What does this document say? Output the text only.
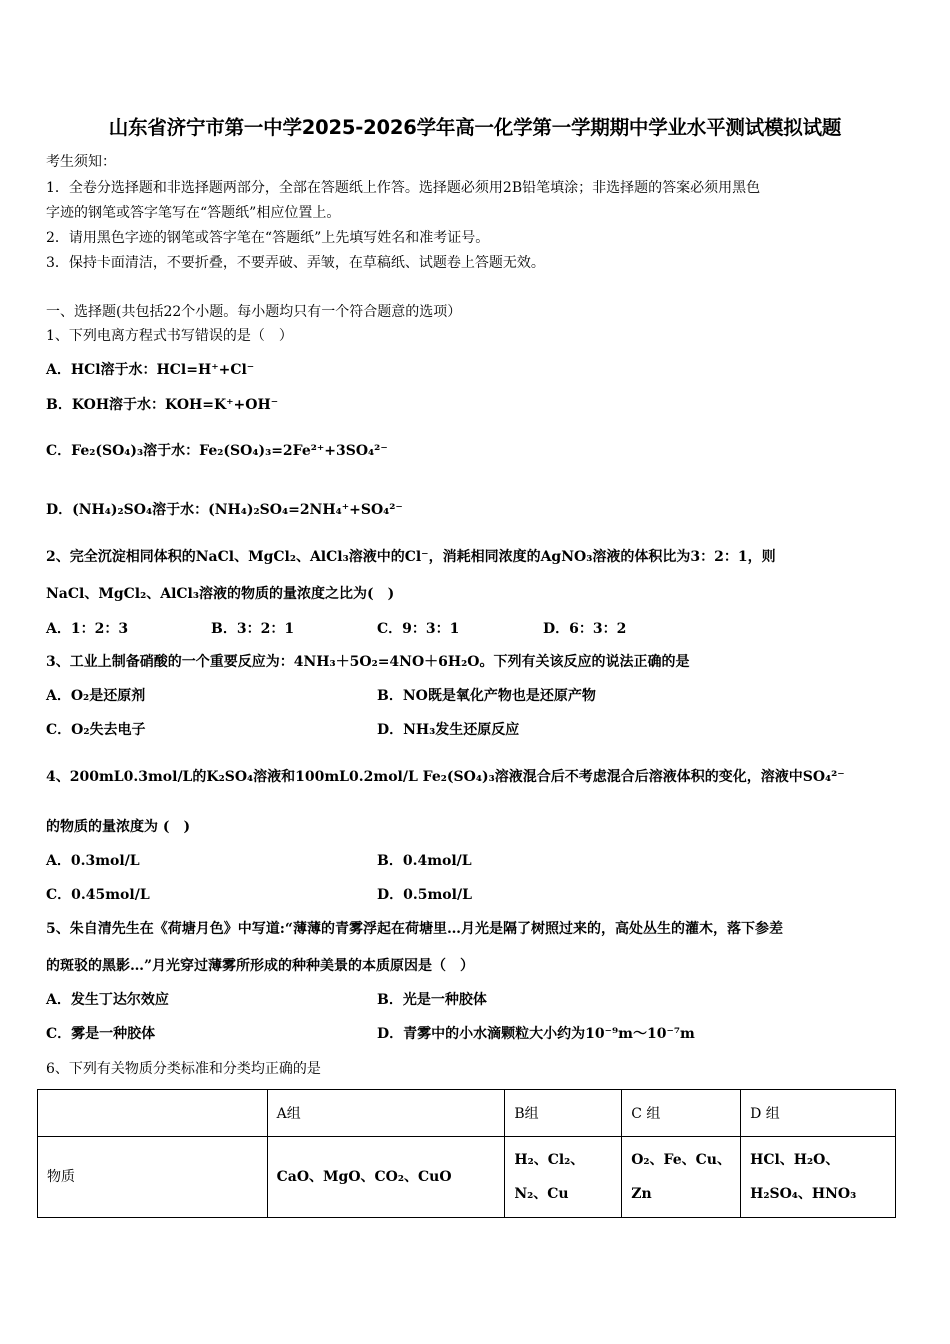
山东省济宁市第一中学2025-2026学年高一化学第一学期期中学业水平测试模拟试题
考生须知：
1．全卷分选择题和非选择题两部分，全部在答题纸上作答。选择题必须用2B铅笔填涂；非选择题的答案必须用黑色
字迹的钢笔或答字笔写在“答题纸”相应位置上。
2．请用黑色字迹的钢笔或答字笔在“答题纸”上先填写姓名和准考证号。
3．保持卡面清洁，不要折叠，不要弄破、弄皱，在草稿纸、试题卷上答题无效。
一、选择题(共包括22个小题。每小题均只有一个符合题意的选项）
1、下列电离方程式书写错误的是（　）
A．HCl溶于水：HCl=H⁺+Cl⁻
B．KOH溶于水：KOH=K⁺+OH⁻
C．Fe₂(SO₄)₃溶于水：Fe₂(SO₄)₃=2Fe²⁺+3SO₄²⁻
D．(NH₄)₂SO₄溶于水：(NH₄)₂SO₄=2NH₄⁺+SO₄²⁻
2、完全沉淀相同体积的NaCl、MgCl₂、AlCl₃溶液中的Cl⁻，消耗相同浓度的AgNO₃溶液的体积比为3：2：1，则
NaCl、MgCl₂、AlCl₃溶液的物质的量浓度之比为(　)
A．1：2：3	B．3：2：1	C．9：3：1	D．6：3：2
3、工业上制备硝酸的一个重要反应为：4NH₃＋5O₂=4NO＋6H₂O。下列有关该反应的说法正确的是
A．O₂是还原剂	B．NO既是氧化产物也是还原产物
C．O₂失去电子	D．NH₃发生还原反应
4、200mL0.3mol/L的K₂SO₄溶液和100mL0.2mol/L Fe₂(SO₄)₃溶液混合后不考虑混合后溶液体积的变化，溶液中SO₄²⁻
的物质的量浓度为 (　)
A．0.3mol/L	B．0.4mol/L
C．0.45mol/L	D．0.5mol/L
5、朱自清先生在《荷塘月色》中写道:“薄薄的青雾浮起在荷塘里…月光是隔了树照过来的，高处丛生的灌木，落下参差
的斑驳的黑影…”月光穿过薄雾所形成的种种美景的本质原因是（　）
A．发生丁达尔效应	B．光是一种胶体
C．雾是一种胶体	D．青雾中的小水滴颗粒大小约为10⁻⁹m～10⁻⁷m
6、下列有关物质分类标准和分类均正确的是
	A组	B组	C 组	D 组
物质	CaO、MgO、CO₂、CuO	H₂、Cl₂、N₂、Cu	O₂、Fe、Cu、Zn	HCl、H₂O、H₂SO₄、HNO₃
